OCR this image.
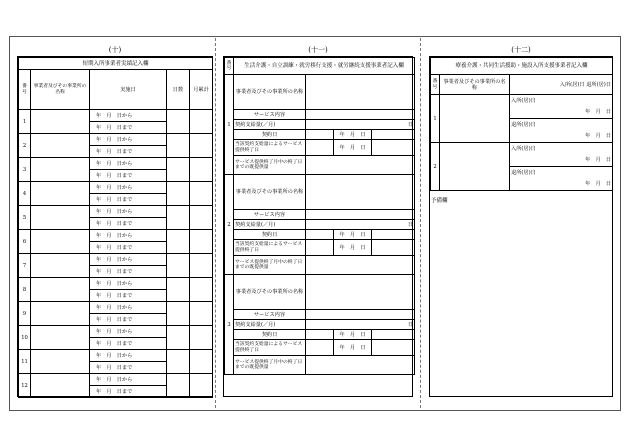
(十)
短期入所事業者実績記入欄				
番号	事業者及びその事業所の名称	実施日	日数	月累計
1		年　月　日から		
		年　月　日まで		
2		年　月　日から		
		年　月　日まで		
3		年　月　日から		
		年　月　日まで		
4		年　月　日から		
		年　月　日まで		
5		年　月　日から		
		年　月　日まで		
6		年　月　日から		
		年　月　日まで		
7		年　月　日から		
		年　月　日まで		
8		年　月　日から		
		年　月　日まで		
9		年　月　日から		
		年　月　日まで		
10		年　月　日から		
		年　月　日まで		
11		年　月　日から		
		年　月　日まで		
12		年　月　日から		
		年　月　日まで		
(十一)
番号	生活介護・自立訓練・就労移行支援・就労継続支援事業者記入欄			
1	事業者及びその事業所の名称			
	サービス内容			
	契約支給量(／月)	日		
	契約日		年　月　日	
	当該契約支給量によるサービス提供終了日		年　月　日	
	サービス提供終了月中の終了日までの既提供量			
2	事業者及びその事業所の名称			
	サービス内容			
	契約支給量(／月)	日		
	契約日		年　月　日	
	当該契約支給量によるサービス提供終了日		年　月　日	
	サービス提供終了月中の終了日までの既提供量			
3	事業者及びその事業所の名称			
	サービス内容			
	契約支給量(／月)	日		
	契約日		年　月　日	
	当該契約支給量によるサービス提供終了日		年　月　日	
	サービス提供終了月中の終了日までの既提供量			
(十二)
療養介護・共同生活援助・施設入所支援事業者記入欄		
番号	事業者及びその事業所の名称	入所(居)日 退所(居)日
1		入所(居)日
		年　月　日
		退所(居)日
		年　月　日
2		入所(居)日
		年　月　日
		退所(居)日
		年　月　日
予備欄
